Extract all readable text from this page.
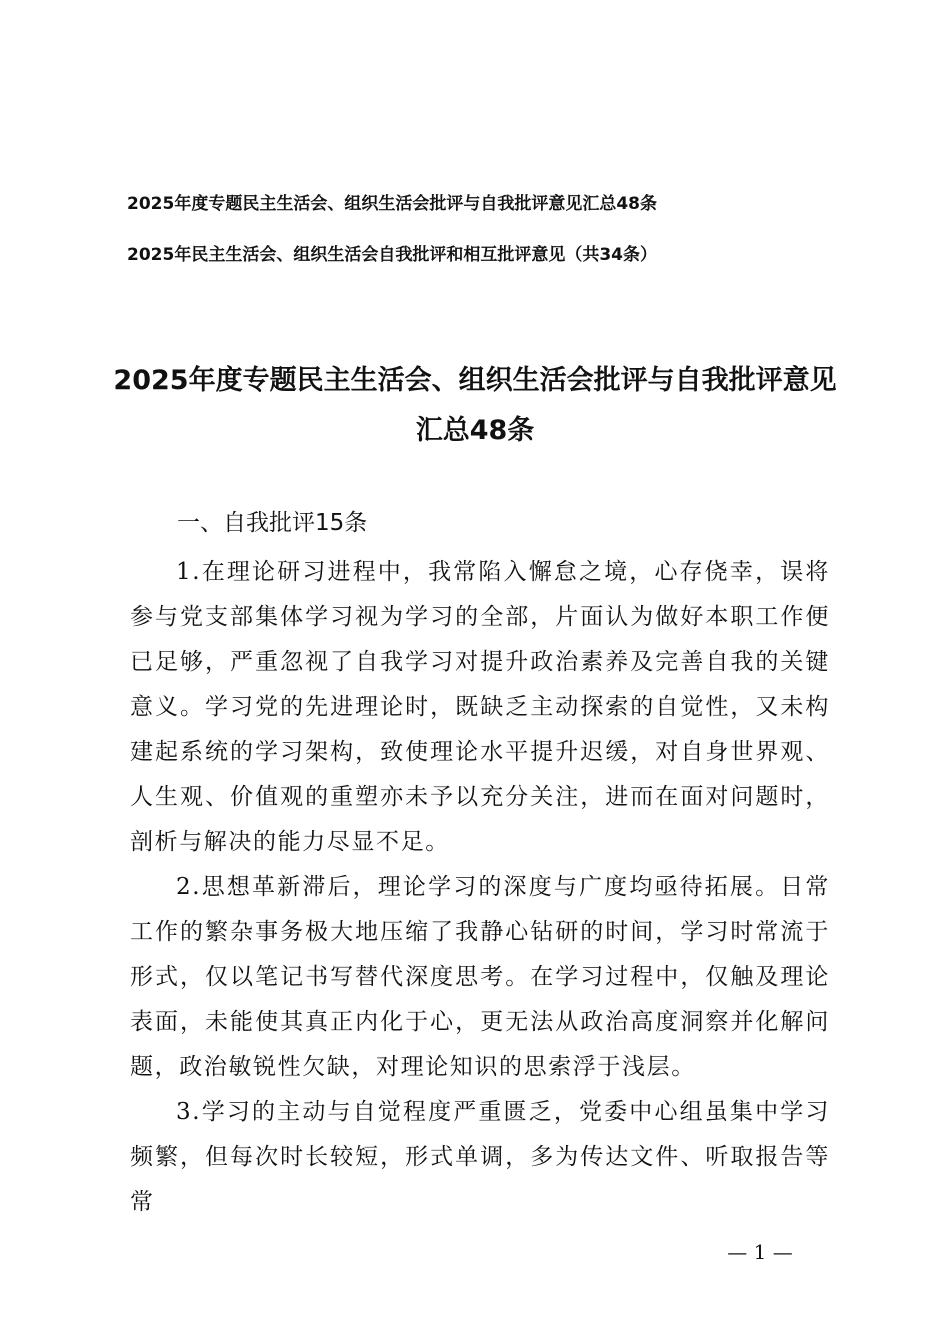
2025年度专题民主生活会、组织生活会批评与自我批评意见汇总48条
2025年民主生活会、组织生活会自我批评和相互批评意见（共34条）
2025年度专题民主生活会、组织生活会批评与自我批评意见汇总48条
一、自我批评15条

1.在理论研习进程中，我常陷入懈怠之境，心存侥幸，误将参与党支部集体学习视为学习的全部，片面认为做好本职工作便已足够，严重忽视了自我学习对提升政治素养及完善自我的关键意义。学习党的先进理论时，既缺乏主动探索的自觉性，又未构建起系统的学习架构，致使理论水平提升迟缓，对自身世界观、人生观、价值观的重塑亦未予以充分关注，进而在面对问题时，剖析与解决的能力尽显不足。

2.思想革新滞后，理论学习的深度与广度均亟待拓展。日常工作的繁杂事务极大地压缩了我静心钻研的时间，学习时常流于形式，仅以笔记书写替代深度思考。在学习过程中，仅触及理论表面，未能使其真正内化于心，更无法从政治高度洞察并化解问题，政治敏锐性欠缺，对理论知识的思索浮于浅层。

3.学习的主动与自觉程度严重匮乏，党委中心组虽集中学习频繁，但每次时长较短，形式单调，多为传达文件、听取报告等常

— 1 —
